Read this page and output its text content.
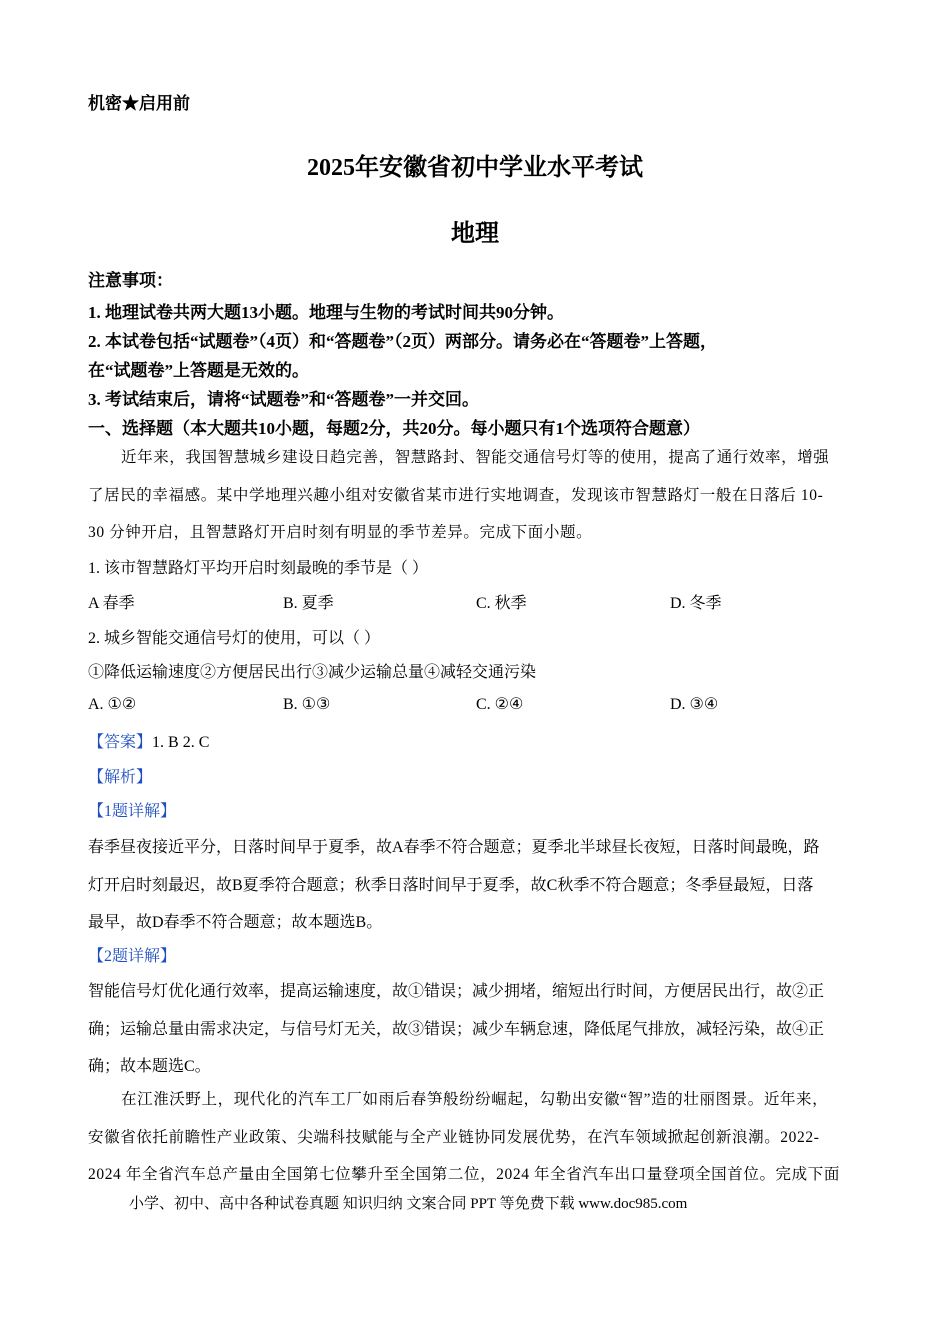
机密★启用前
2025年安徽省初中学业水平考试
地理
注意事项：
1. 地理试卷共两大题13小题。地理与生物的考试时间共90分钟。
2. 本试卷包括“试题卷”（4页）和“答题卷”（2页）两部分。请务必在“答题卷”上答题，
在“试题卷”上答题是无效的。
3. 考试结束后，请将“试题卷”和“答题卷”一并交回。
一、选择题（本大题共10小题，每题2分，共20分。每小题只有1个选项符合题意）
近年来，我国智慧城乡建设日趋完善，智慧路封、智能交通信号灯等的使用，提高了通行效率，增强
了居民的幸福感。某中学地理兴趣小组对安徽省某市进行实地调查，发现该市智慧路灯一般在日落后 10-
30 分钟开启，且智慧路灯开启时刻有明显的季节差异。完成下面小题。
1. 该市智慧路灯平均开启时刻最晚的季节是（ ）
A 春季	B. 夏季	C. 秋季	D. 冬季
2. 城乡智能交通信号灯的使用，可以（ ）
①降低运输速度②方便居民出行③减少运输总量④减轻交通污染
A. ①②	B. ①③	C. ②④	D. ③④
【答案】1. B 2. C
【解析】
【1题详解】
春季昼夜接近平分，日落时间早于夏季，故A春季不符合题意；夏季北半球昼长夜短，日落时间最晚，路
灯开启时刻最迟，故B夏季符合题意；秋季日落时间早于夏季，故C秋季不符合题意；冬季昼最短，日落
最早，故D春季不符合题意；故本题选B。
【2题详解】
智能信号灯优化通行效率，提高运输速度，故①错误；减少拥堵，缩短出行时间，方便居民出行，故②正
确；运输总量由需求决定，与信号灯无关，故③错误；减少车辆怠速，降低尾气排放，减轻污染，故④正
确；故本题选C。
在江淮沃野上，现代化的汽车工厂如雨后春笋般纷纷崛起，勾勒出安徽“智”造的壮丽图景。近年来，
安徽省依托前瞻性产业政策、尖端科技赋能与全产业链协同发展优势，在汽车领域掀起创新浪潮。2022-
2024 年全省汽车总产量由全国第七位攀升至全国第二位，2024 年全省汽车出口量登项全国首位。完成下面
小学、初中、高中各种试卷真题 知识归纳 文案合同 PPT 等免费下载 www.doc985.com
